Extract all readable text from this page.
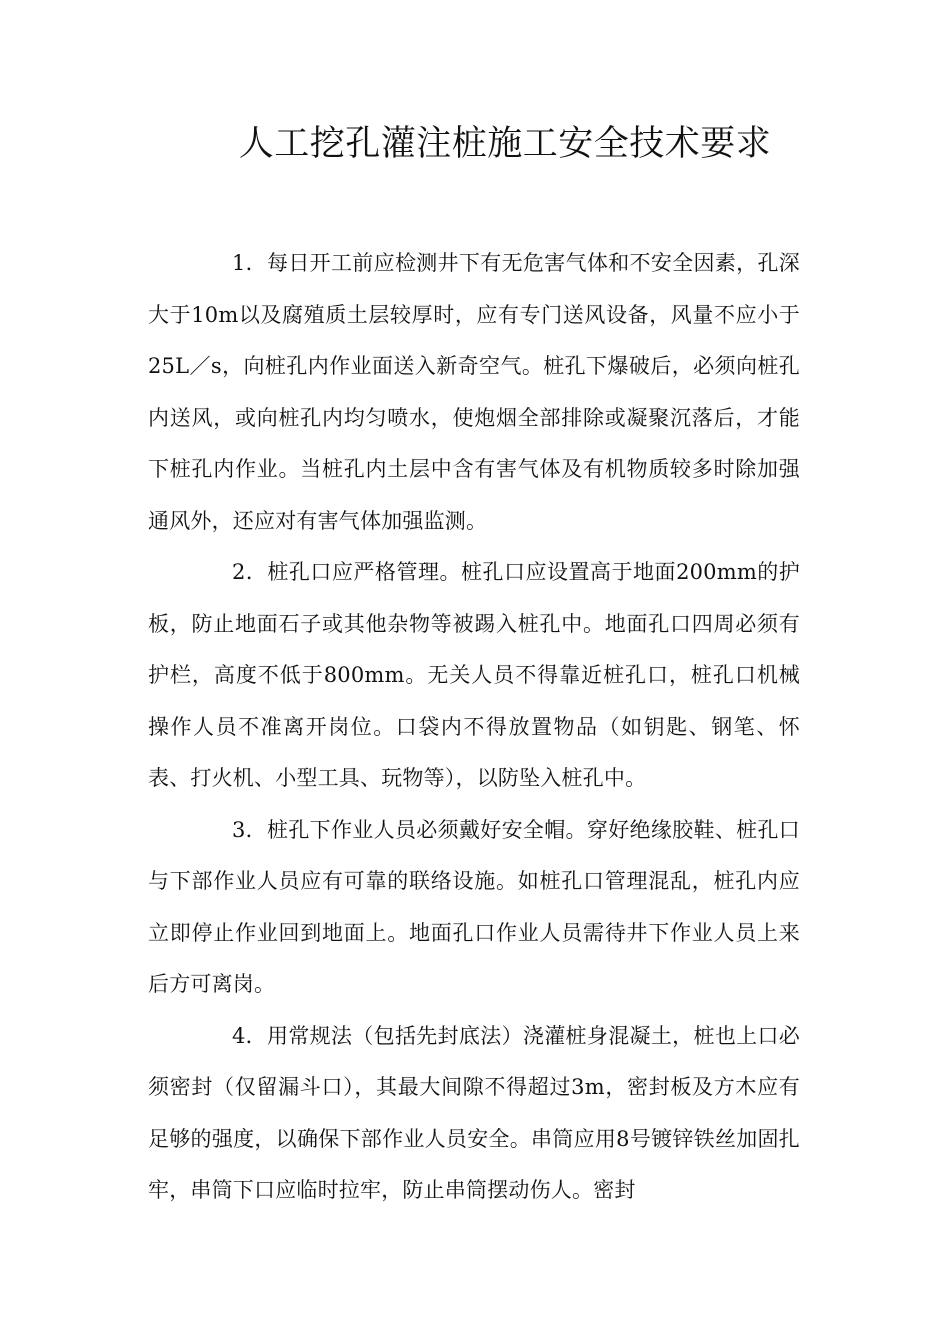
人工挖孔灌注桩施工安全技术要求

1．每日开工前应检测井下有无危害气体和不安全因素，孔深大于10m以及腐殖质土层较厚时，应有专门送风设备，风量不应小于25L／s，向桩孔内作业面送入新奇空气。桩孔下爆破后，必须向桩孔内送风，或向桩孔内均匀喷水，使炮烟全部排除或凝聚沉落后，才能下桩孔内作业。当桩孔内土层中含有害气体及有机物质较多时除加强通风外，还应对有害气体加强监测。

2．桩孔口应严格管理。桩孔口应设置高于地面200mm的护板，防止地面石子或其他杂物等被踢入桩孔中。地面孔口四周必须有护栏，高度不低于800mm。无关人员不得靠近桩孔口，桩孔口机械操作人员不准离开岗位。口袋内不得放置物品（如钥匙、钢笔、怀表、打火机、小型工具、玩物等），以防坠入桩孔中。

3．桩孔下作业人员必须戴好安全帽。穿好绝缘胶鞋、桩孔口与下部作业人员应有可靠的联络设施。如桩孔口管理混乱，桩孔内应立即停止作业回到地面上。地面孔口作业人员需待井下作业人员上来后方可离岗。

4．用常规法（包括先封底法）浇灌桩身混凝土，桩也上口必须密封（仅留漏斗口），其最大间隙不得超过3m，密封板及方木应有足够的强度，以确保下部作业人员安全。串筒应用8号镀锌铁丝加固扎牢，串筒下口应临时拉牢，防止串筒摆动伤人。密封
